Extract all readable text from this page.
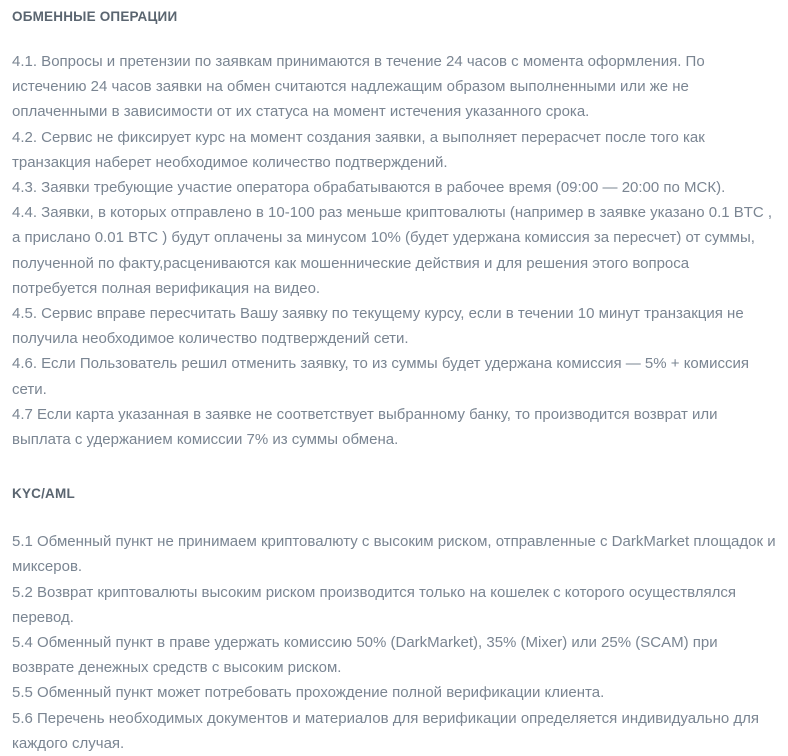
ОБМЕННЫЕ ОПЕРАЦИИ

4.1. Вопросы и претензии по заявкам принимаются в течение 24 часов с момента оформления. По истечению 24 часов заявки на обмен считаются надлежащим образом выполненными или же не оплаченными в зависимости от их статуса на момент истечения указанного срока.

4.2. Сервис не фиксирует курс на момент создания заявки, а выполняет перерасчет после того как транзакция наберет необходимое количество подтверждений.

4.3. Заявки требующие участие оператора обрабатываются в рабочее время (09:00 — 20:00 по МСК).

4.4. Заявки, в которых отправлено в 10-100 раз меньше криптовалюты (например в заявке указано 0.1 BTC , а прислано 0.01 BTC ) будут оплачены за минусом 10% (будет удержана комиссия за пересчет) от суммы, полученной по факту,расцениваются как мошеннические действия и для решения этого вопроса потребуется полная верификация на видео.

4.5. Сервис вправе пересчитать Вашу заявку по текущему курсу, если в течении 10 минут транзакция не получила необходимое количество подтверждений сети.

4.6. Если Пользователь решил отменить заявку, то из суммы будет удержана комиссия — 5% + комиссия сети.

4.7 Если карта указанная в заявке не соответствует выбранному банку, то производится возврат или выплата с удержанием комиссии 7% из суммы обмена.

KYC/AML

5.1 Обменный пункт не принимаем криптовалюту с высоким риском, отправленные с DarkMarket площадок и миксеров.

5.2 Возврат криптовалюты высоким риском производится только на кошелек с которого осуществлялся перевод.

5.4 Обменный пункт в праве удержать комиссию 50% (DarkMarket), 35% (Mixer) или 25% (SCAM) при возврате денежных средств с высоким риском.

5.5 Обменный пункт может потребовать прохождение полной верификации клиента.

5.6 Перечень необходимых документов и материалов для верификации определяется индивидуально для каждого случая.
